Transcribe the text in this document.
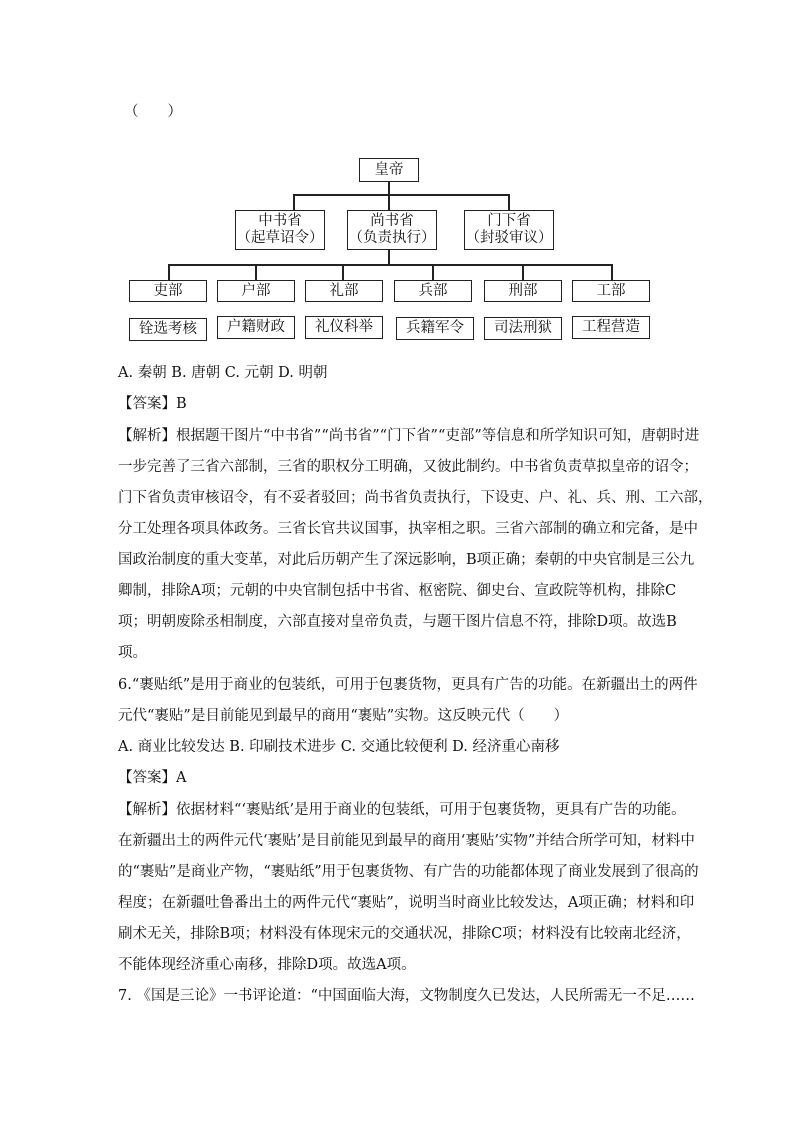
（　　）
皇帝
中书省
（起草诏令）
尚书省
（负责执行）
门下省
（封驳审议）
吏部	户部	礼部	兵部	刑部	工部
铨选考核	户籍财政	礼仪科举	兵籍军令	司法刑狱	工程营造
A. 秦朝 B. 唐朝 C. 元朝 D. 明朝
【答案】B
【解析】根据题干图片“中书省”“尚书省”“门下省”“吏部”等信息和所学知识可知，唐朝时进
一步完善了三省六部制，三省的职权分工明确，又彼此制约。中书省负责草拟皇帝的诏令；
门下省负责审核诏令，有不妥者驳回；尚书省负责执行，下设吏、户、礼、兵、刑、工六部，
分工处理各项具体政务。三省长官共议国事，执宰相之职。三省六部制的确立和完备，是中
国政治制度的重大变革，对此后历朝产生了深远影响，B项正确；秦朝的中央官制是三公九
卿制，排除A项；元朝的中央官制包括中书省、枢密院、御史台、宣政院等机构，排除C
项；明朝废除丞相制度，六部直接对皇帝负责，与题干图片信息不符，排除D项。故选B
项。
6.“裹贴纸”是用于商业的包装纸，可用于包裹货物，更具有广告的功能。在新疆出土的两件
元代“裹贴”是目前能见到最早的商用“裹贴”实物。这反映元代（　　）
A. 商业比较发达 B. 印刷技术进步 C. 交通比较便利 D. 经济重心南移
【答案】A
【解析】依据材料“‘裹贴纸’是用于商业的包装纸，可用于包裹货物，更具有广告的功能。
在新疆出土的两件元代‘裹贴’是目前能见到最早的商用‘裹贴’实物”并结合所学可知，材料中
的“裹贴”是商业产物，“裹贴纸”用于包裹货物、有广告的功能都体现了商业发展到了很高的
程度；在新疆吐鲁番出土的两件元代“裹贴”，说明当时商业比较发达，A项正确；材料和印
刷术无关，排除B项；材料没有体现宋元的交通状况，排除C项；材料没有比较南北经济，
不能体现经济重心南移，排除D项。故选A项。
7. 《国是三论》一书评论道：“中国面临大海，文物制度久已发达，人民所需无一不足……
